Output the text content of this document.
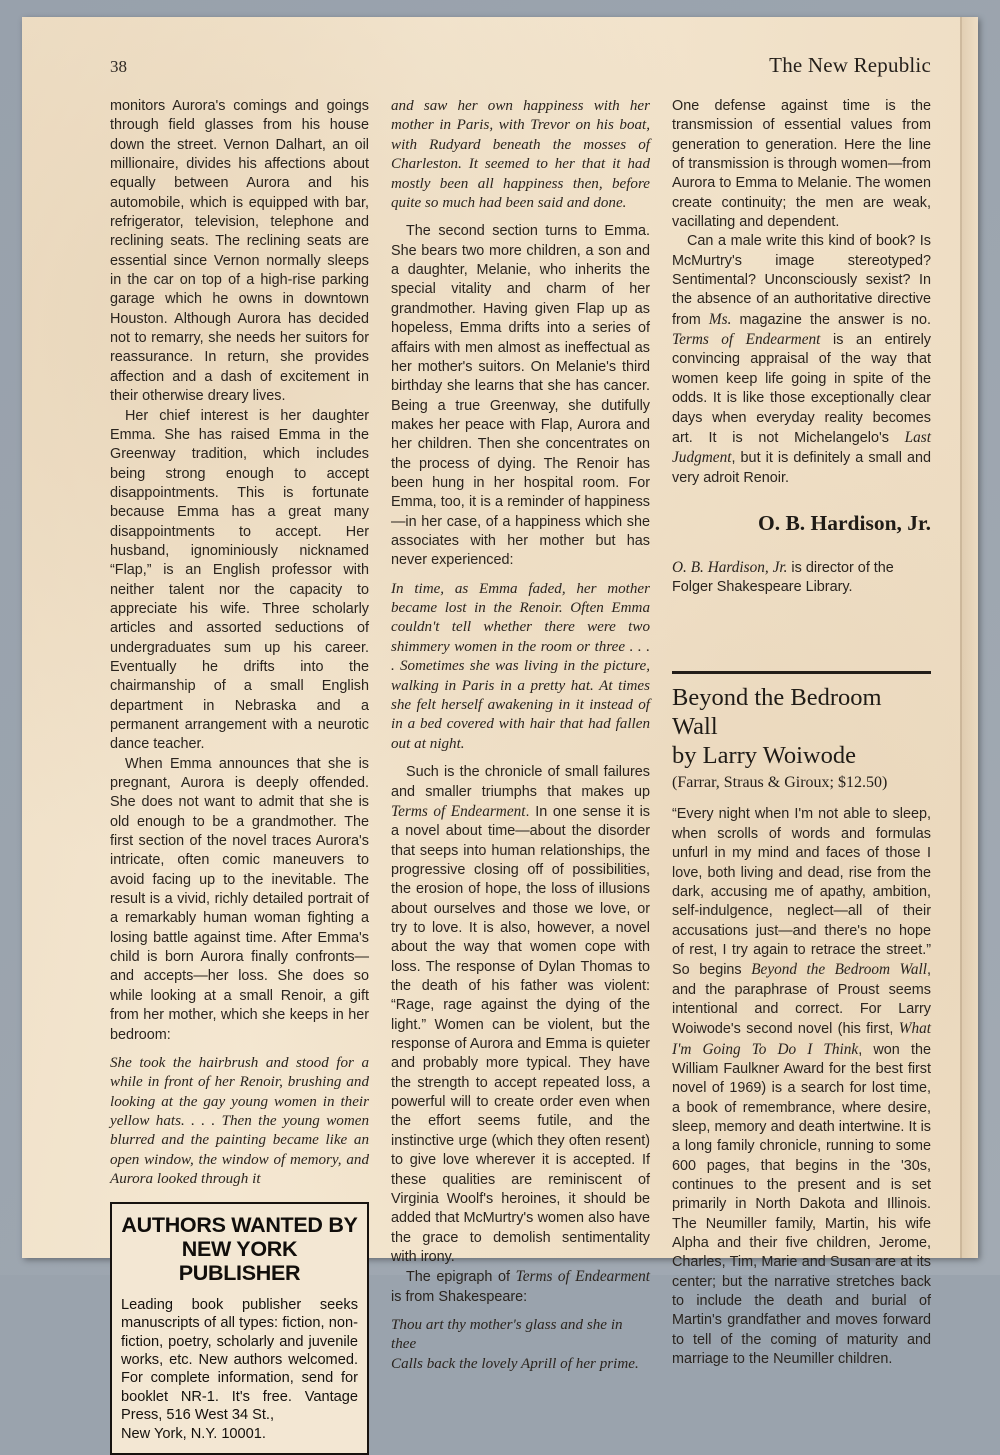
38	The New Republic

monitors Aurora's comings and goings through field glasses from his house down the street. Vernon Dalhart, an oil millionaire, divides his affections about equally between Aurora and his automobile, which is equipped with bar, refrigerator, television, telephone and reclining seats. The reclining seats are essential since Vernon normally sleeps in the car on top of a high-rise parking garage which he owns in downtown Houston. Although Aurora has decided not to remarry, she needs her suitors for reassurance. In return, she provides affection and a dash of excitement in their otherwise dreary lives.

Her chief interest is her daughter Emma. She has raised Emma in the Greenway tradition, which includes being strong enough to accept disappointments. This is fortunate because Emma has a great many disappointments to accept. Her husband, ignominiously nicknamed “Flap,” is an English professor with neither talent nor the capacity to appreciate his wife. Three scholarly articles and assorted seductions of undergraduates sum up his career. Eventually he drifts into the chairmanship of a small English department in Nebraska and a permanent arrangement with a neurotic dance teacher.

When Emma announces that she is pregnant, Aurora is deeply offended. She does not want to admit that she is old enough to be a grandmother. The first section of the novel traces Aurora's intricate, often comic maneuvers to avoid facing up to the inevitable. The result is a vivid, richly detailed portrait of a remarkably human woman fighting a losing battle against time. After Emma's child is born Aurora finally confronts—and accepts—her loss. She does so while looking at a small Renoir, a gift from her mother, which she keeps in her bedroom:

She took the hairbrush and stood for a while in front of her Renoir, brushing and looking at the gay young women in their yellow hats. . . . Then the young women blurred and the painting became like an open window, the window of memory, and Aurora looked through it

AUTHORS WANTED BY
NEW YORK PUBLISHER
Leading book publisher seeks manuscripts of all types: fiction, non-fiction, poetry, scholarly and juvenile works, etc. New authors welcomed. For complete information, send for booklet NR-1. It's free. Vantage Press, 516 West 34 St.,
New York, N.Y. 10001.

and saw her own happiness with her mother in Paris, with Trevor on his boat, with Rudyard beneath the mosses of Charleston. It seemed to her that it had mostly been all happiness then, before quite so much had been said and done.

The second section turns to Emma. She bears two more children, a son and a daughter, Melanie, who inherits the special vitality and charm of her grandmother. Having given Flap up as hopeless, Emma drifts into a series of affairs with men almost as ineffectual as her mother's suitors. On Melanie's third birthday she learns that she has cancer. Being a true Greenway, she dutifully makes her peace with Flap, Aurora and her children. Then she concentrates on the process of dying. The Renoir has been hung in her hospital room. For Emma, too, it is a reminder of happiness—in her case, of a happiness which she associates with her mother but has never experienced:

In time, as Emma faded, her mother became lost in the Renoir. Often Emma couldn't tell whether there were two shimmery women in the room or three . . . . Sometimes she was living in the picture, walking in Paris in a pretty hat. At times she felt herself awakening in it instead of in a bed covered with hair that had fallen out at night.

Such is the chronicle of small failures and smaller triumphs that makes up Terms of Endearment. In one sense it is a novel about time—about the disorder that seeps into human relationships, the progressive closing off of possibilities, the erosion of hope, the loss of illusions about ourselves and those we love, or try to love. It is also, however, a novel about the way that women cope with loss. The response of Dylan Thomas to the death of his father was violent: “Rage, rage against the dying of the light.” Women can be violent, but the response of Aurora and Emma is quieter and probably more typical. They have the strength to accept repeated loss, a powerful will to create order even when the effort seems futile, and the instinctive urge (which they often resent) to give love wherever it is accepted. If these qualities are reminiscent of Virginia Woolf's heroines, it should be added that McMurtry's women also have the grace to demolish sentimentality with irony.

The epigraph of Terms of Endearment is from Shakespeare:

Thou art thy mother's glass and she in
thee
Calls back the lovely Aprill of her prime.

One defense against time is the transmission of essential values from generation to generation. Here the line of transmission is through women—from Aurora to Emma to Melanie. The women create continuity; the men are weak, vacillating and dependent.

Can a male write this kind of book? Is McMurtry's image stereotyped? Sentimental? Unconsciously sexist? In the absence of an authoritative directive from Ms. magazine the answer is no. Terms of Endearment is an entirely convincing appraisal of the way that women keep life going in spite of the odds. It is like those exceptionally clear days when everyday reality becomes art. It is not Michelangelo's Last Judgment, but it is definitely a small and very adroit Renoir.

O. B. Hardison, Jr.
O. B. Hardison, Jr. is director of the Folger Shakespeare Library.
Beyond the Bedroom Wall
by Larry Woiwode
(Farrar, Straus & Giroux; $12.50)

“Every night when I'm not able to sleep, when scrolls of words and formulas unfurl in my mind and faces of those I love, both living and dead, rise from the dark, accusing me of apathy, ambition, self-indulgence, neglect—all of their accusations just—and there's no hope of rest, I try again to retrace the street.” So begins Beyond the Bedroom Wall, and the paraphrase of Proust seems intentional and correct. For Larry Woiwode's second novel (his first, What I'm Going To Do I Think, won the William Faulkner Award for the best first novel of 1969) is a search for lost time, a book of remembrance, where desire, sleep, memory and death intertwine. It is a long family chronicle, running to some 600 pages, that begins in the '30s, continues to the present and is set primarily in North Dakota and Illinois. The Neumiller family, Martin, his wife Alpha and their five children, Jerome, Charles, Tim, Marie and Susan are at its center; but the narrative stretches back to include the death and burial of Martin's grandfather and moves forward to tell of the coming of maturity and marriage to the Neumiller children.
